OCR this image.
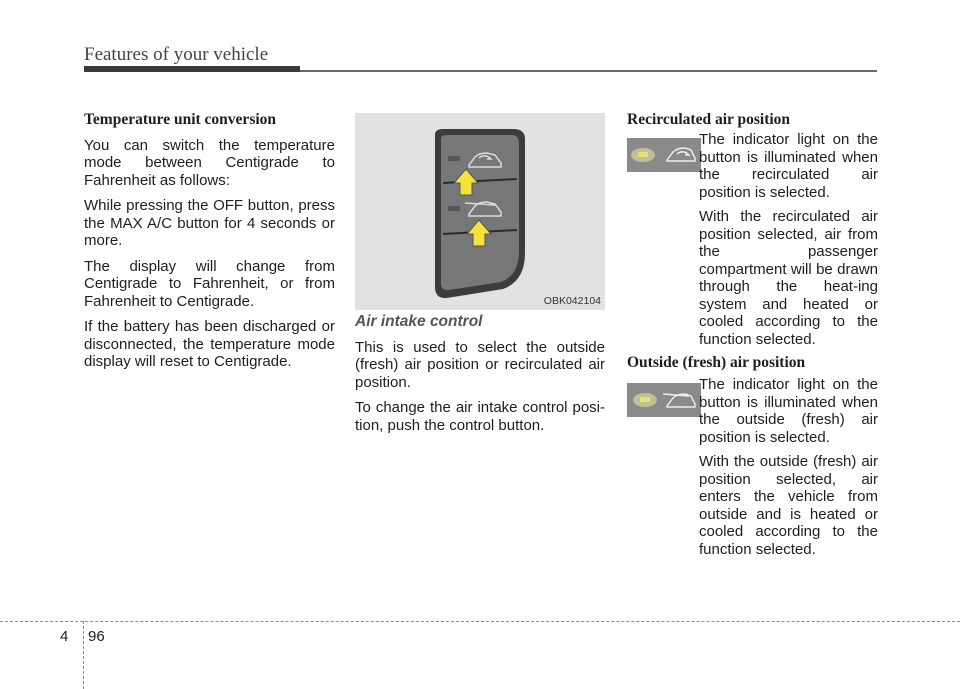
Features of your vehicle

Temperature unit conversion

You can switch the temperature mode between Centigrade to Fahrenheit as follows:

While pressing the OFF button, press the MAX A/C button for 4 seconds or more.

The display will change from Centigrade to Fahrenheit, or from Fahrenheit to Centigrade.

If the battery has been discharged or disconnected, the temperature mode display will reset to Centigrade.

OBK042104

Air intake control

This is used to select the outside (fresh) air position or recirculated air position.

To change the air intake control posi-tion, push the control button.

Recirculated air position

The indicator light on the button is illuminated when the recirculated air position is selected.

With the recirculated air position selected, air from the passenger compartment will be drawn through the heat-ing system and heated or cooled according to the function selected.

Outside (fresh) air position

The indicator light on the button is illuminated when the outside (fresh) air position is selected.

With the outside (fresh) air position selected, air enters the vehicle from outside and is heated or cooled according to the function selected.

4 96
